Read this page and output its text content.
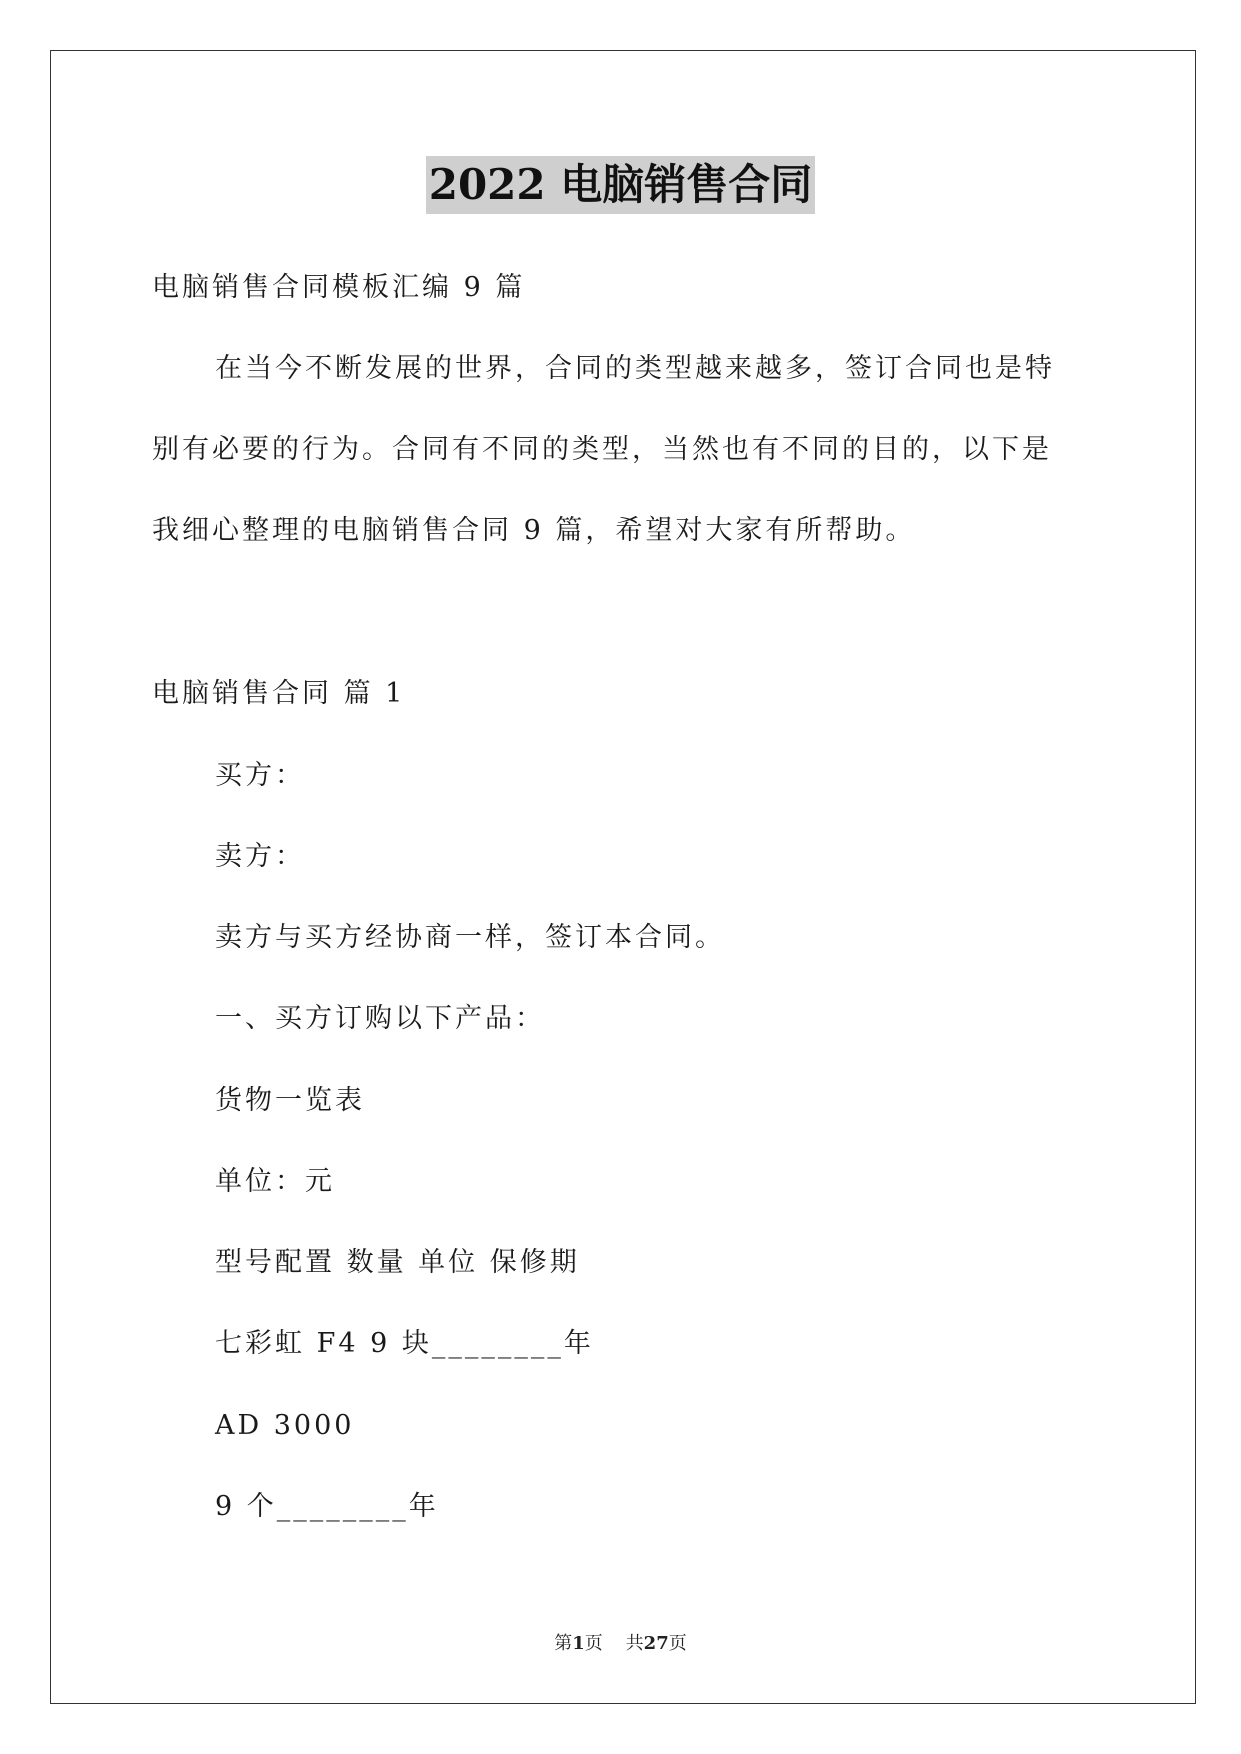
2022 电脑销售合同
电脑销售合同模板汇编 9 篇
在当今不断发展的世界，合同的类型越来越多，签订合同也是特
别有必要的行为。合同有不同的类型，当然也有不同的目的，以下是
我细心整理的电脑销售合同 9 篇，希望对大家有所帮助。
电脑销售合同 篇 1
买方：
卖方：
卖方与买方经协商一样，签订本合同。
一、买方订购以下产品：
货物一览表
单位：元
型号配置 数量 单位 保修期
七彩虹 F4 9 块________年
AD 3000
9 个________年
第1页 共27页
